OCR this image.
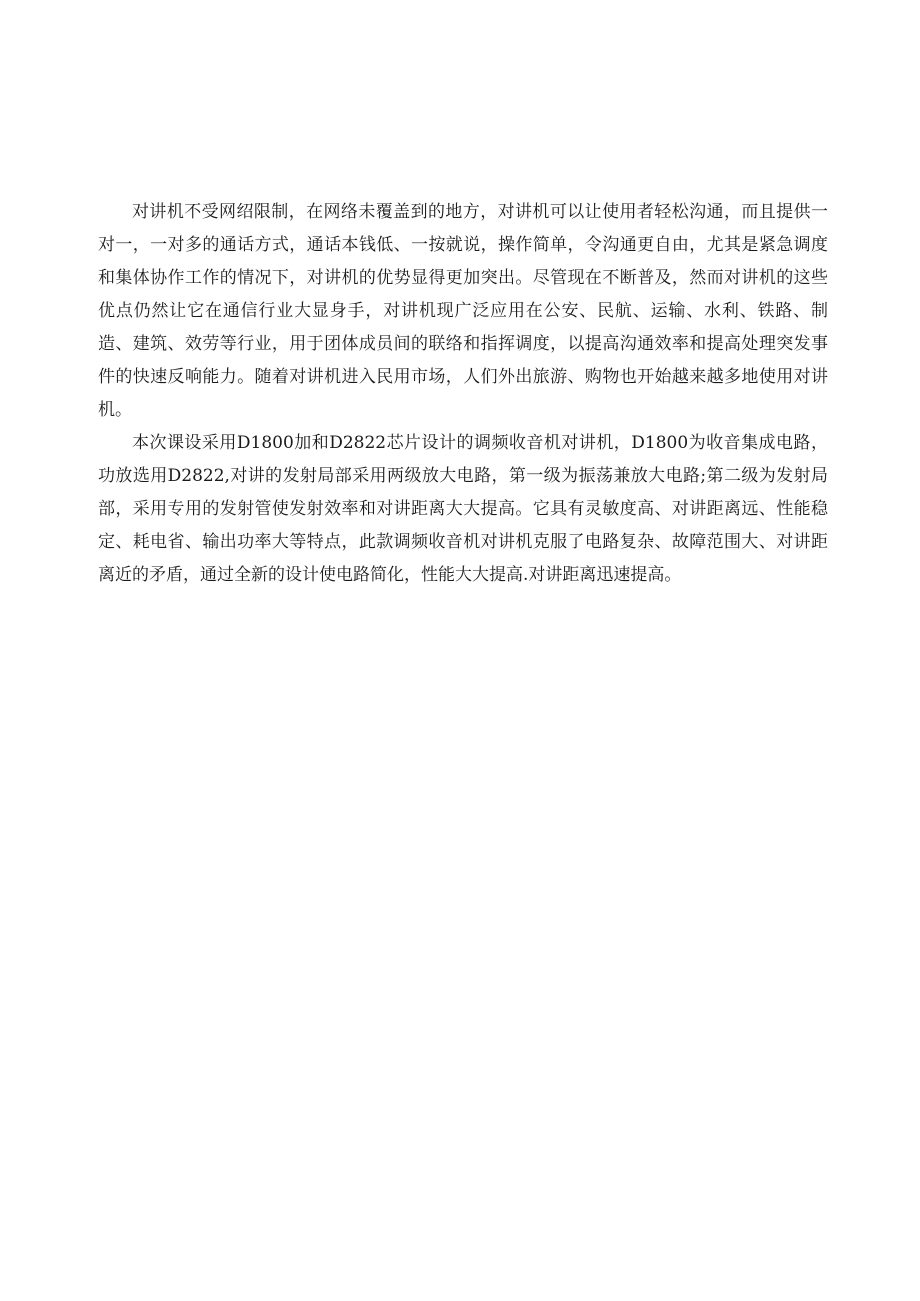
对讲机不受网绍限制，在网络未覆盖到的地方，对讲机可以让使用者轻松沟通，而且提供一对一，一对多的通话方式，通话本钱低、一按就说，操作简单，令沟通更自由，尤其是紧急调度和集体协作工作的情况下，对讲机的优势显得更加突出。尽管现在不断普及，然而对讲机的这些优点仍然让它在通信行业大显身手，对讲机现广泛应用在公安、民航、运输、水利、铁路、制造、建筑、效劳等行业，用于团体成员间的联络和指挥调度，以提高沟通效率和提高处理突发事件的快速反响能力。随着对讲机进入民用市场，人们外出旅游、购物也开始越来越多地使用对讲机。

本次课设采用D1800加和D2822芯片设计的调频收音机对讲机，D1800为收音集成电路，功放选用D2822,对讲的发射局部采用两级放大电路，第一级为振荡兼放大电路;第二级为发射局部，采用专用的发射管使发射效率和对讲距离大大提高。它具有灵敏度高、对讲距离远、性能稳定、耗电省、输出功率大等特点，此款调频收音机对讲机克服了电路复杂、故障范围大、对讲距离近的矛盾，通过全新的设计使电路简化，性能大大提高.对讲距离迅速提高。
